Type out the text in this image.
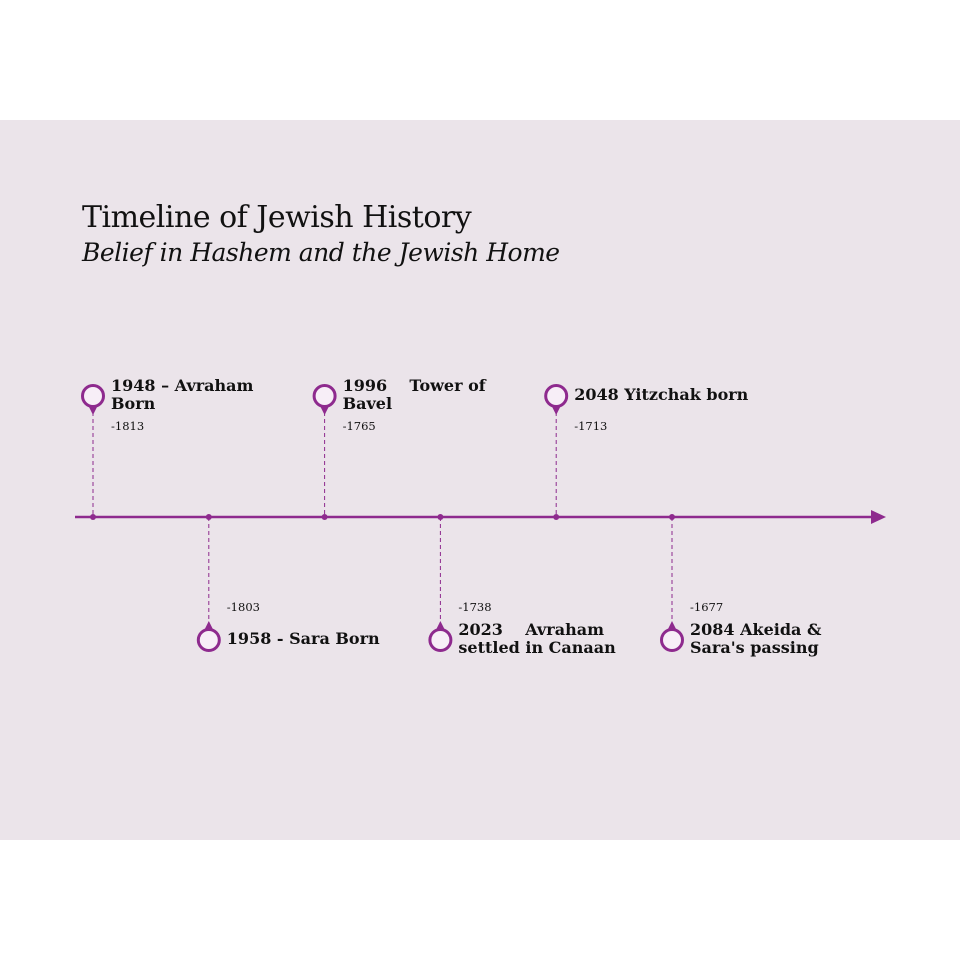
Timeline of Jewish History
Belief in Hashem and the Jewish Home
1948 – Avraham
Born
-1813
1958 - Sara Born
-1803
1996    Tower of
Bavel
-1765
2023    Avraham
settled in Canaan
-1738
2048 Yitzchak born
-1713
2084 Akeida &
Sara's passing
-1677
